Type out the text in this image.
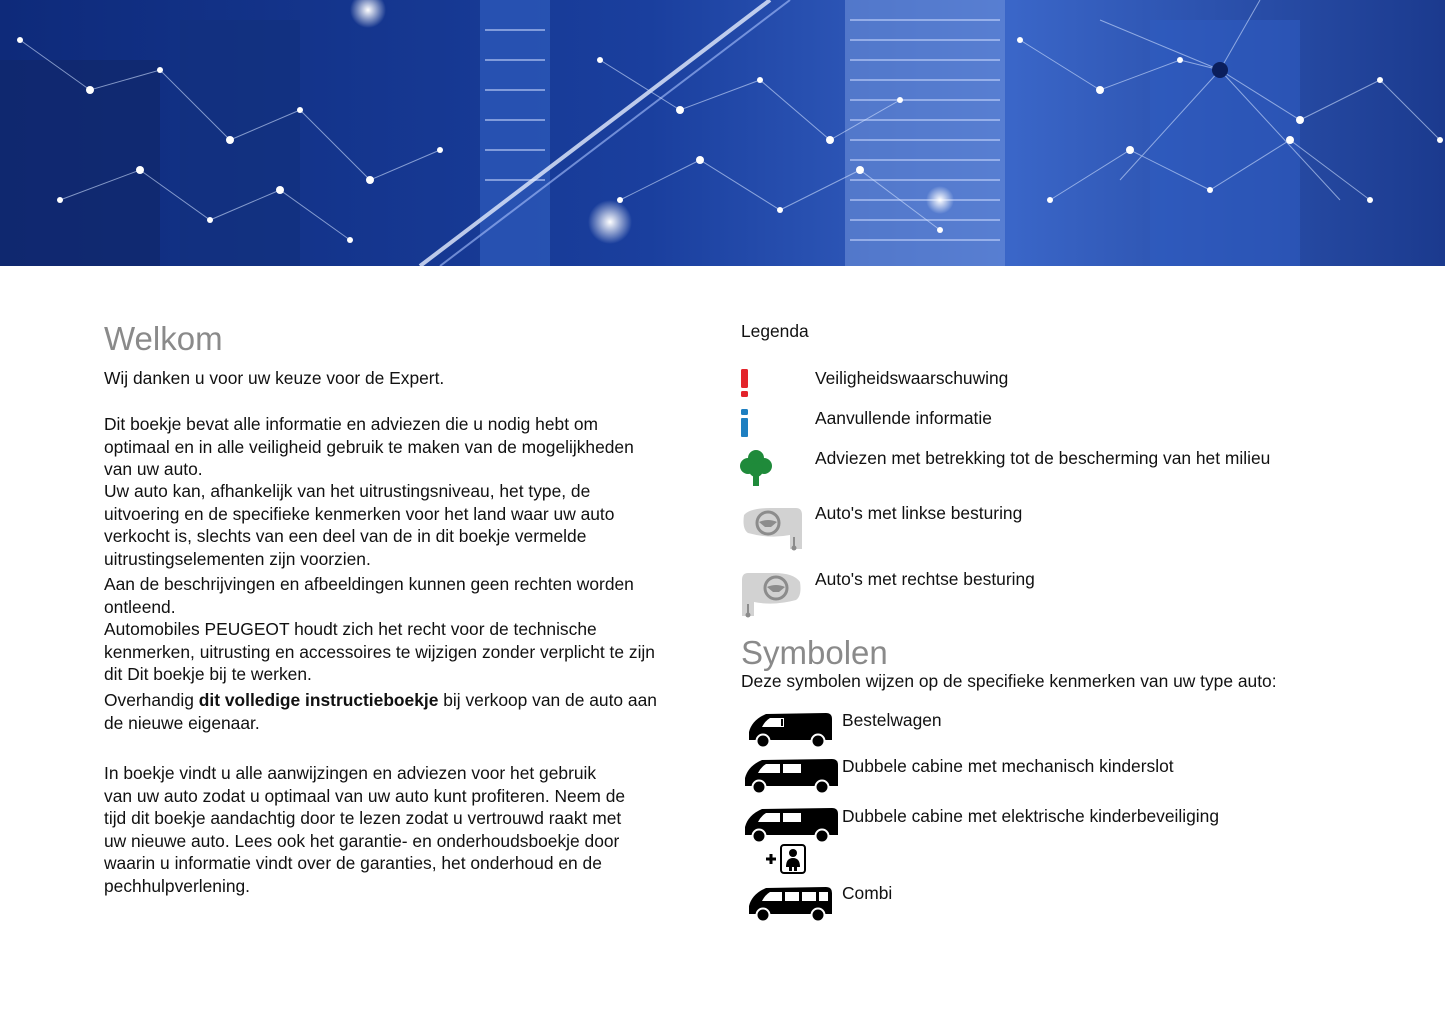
Welkom

Wij danken u voor uw keuze voor de Expert.

Dit boekje bevat alle informatie en adviezen die u nodig hebt om
optimaal en in alle veiligheid gebruik te maken van de mogelijkheden
van uw auto.

Uw auto kan, afhankelijk van het uitrustingsniveau, het type, de
uitvoering en de specifieke kenmerken voor het land waar uw auto
verkocht is, slechts van een deel van de in dit boekje vermelde
uitrustingselementen zijn voorzien.

Aan de beschrijvingen en afbeeldingen kunnen geen rechten worden
ontleend.

Automobiles PEUGEOT houdt zich het recht voor de technische
kenmerken, uitrusting en accessoires te wijzigen zonder verplicht te zijn
dit Dit boekje bij te werken.

Overhandig dit volledige instructieboekje bij verkoop van de auto aan
de nieuwe eigenaar.

In boekje vindt u alle aanwijzingen en adviezen voor het gebruik
van uw auto zodat u optimaal van uw auto kunt profiteren. Neem de
tijd dit boekje aandachtig door te lezen zodat u vertrouwd raakt met
uw nieuwe auto. Lees ook het garantie- en onderhoudsboekje door
waarin u informatie vindt over de garanties, het onderhoud en de
pechhulpverlening.

Legenda
Veiligheidswaarschuwing
Aanvullende informatie
Adviezen met betrekking tot de bescherming van het milieu
Auto's met linkse besturing
Auto's met rechtse besturing
Symbolen
Deze symbolen wijzen op de specifieke kenmerken van uw type auto:
Bestelwagen
Dubbele cabine met mechanisch kinderslot
Dubbele cabine met elektrische kinderbeveiliging
Combi
